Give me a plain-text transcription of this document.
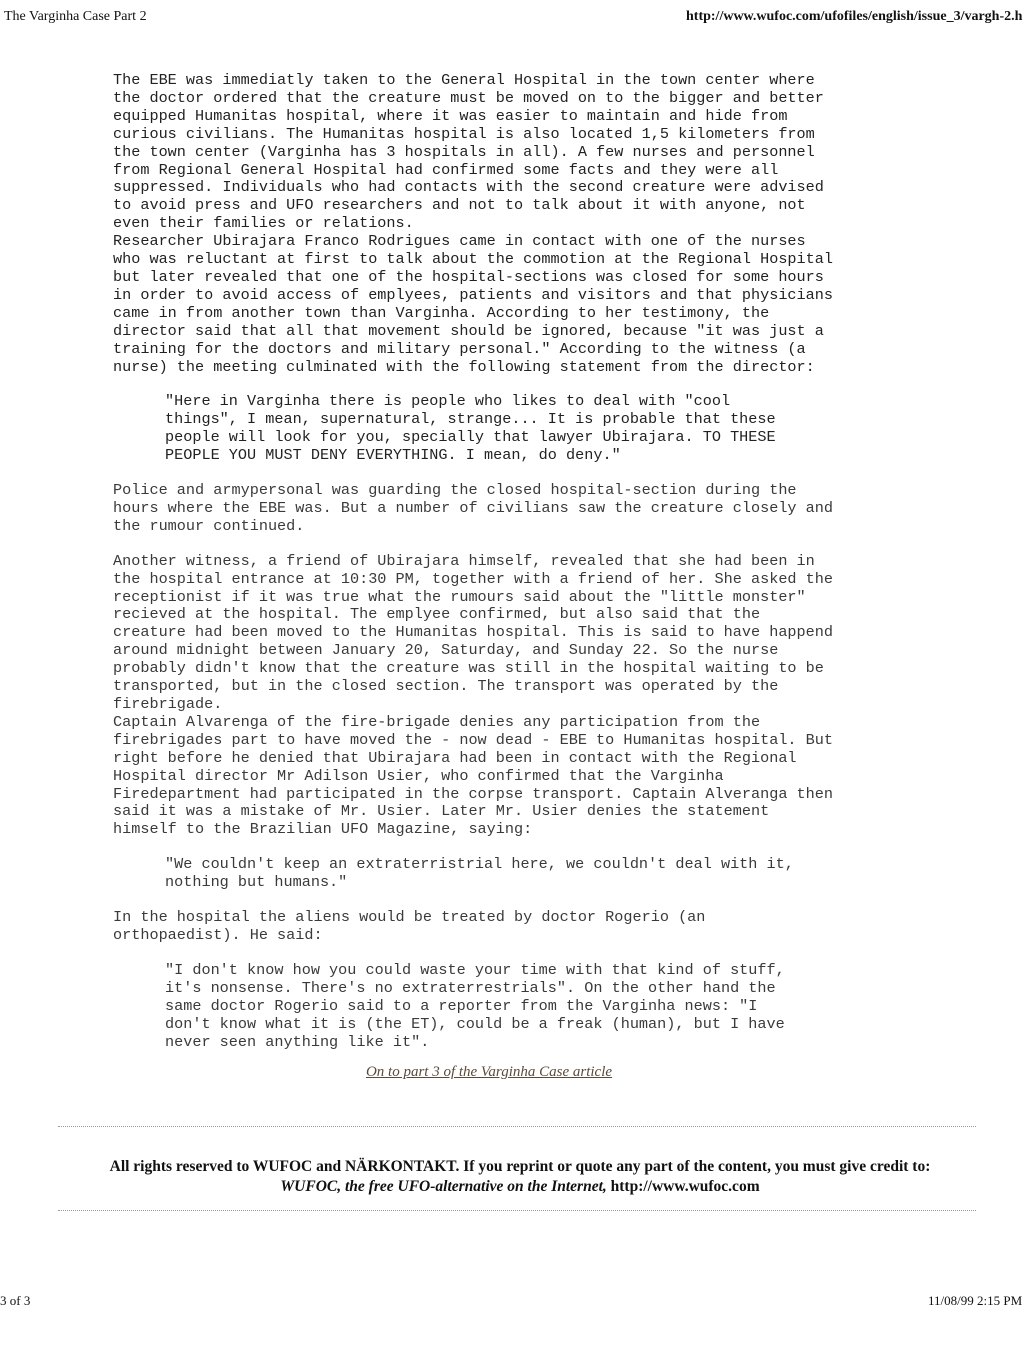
The Varginha Case Part 2	http://www.wufoc.com/ufofiles/english/issue_3/vargh-2.h

The EBE was immediatly taken to the General Hospital in the town center where
the doctor ordered that the creature must be moved on to the bigger and better
equipped Humanitas hospital, where it was easier to maintain and hide from
curious civilians. The Humanitas hospital is also located 1,5 kilometers from
the town center (Varginha has 3 hospitals in all). A few nurses and personnel
from Regional General Hospital had confirmed some facts and they were all
suppressed. Individuals who had contacts with the second creature were advised
to avoid press and UFO researchers and not to talk about it with anyone, not
even their families or relations.

Researcher Ubirajara Franco Rodrigues came in contact with one of the nurses
who was reluctant at first to talk about the commotion at the Regional Hospital
but later revealed that one of the hospital-sections was closed for some hours
in order to avoid access of emplyees, patients and visitors and that physicians
came in from another town than Varginha. According to her testimony, the
director said that all that movement should be ignored, because "it was just a
training for the doctors and military personal." According to the witness (a
nurse) the meeting culminated with the following statement from the director:

"Here in Varginha there is people who likes to deal with "cool
things", I mean, supernatural, strange... It is probable that these
people will look for you, specially that lawyer Ubirajara. TO THESE
PEOPLE YOU MUST DENY EVERYTHING. I mean, do deny."

Police and armypersonal was guarding the closed hospital-section during the
hours where the EBE was. But a number of civilians saw the creature closely and
the rumour continued.

Another witness, a friend of Ubirajara himself, revealed that she had been in
the hospital entrance at 10:30 PM, together with a friend of her. She asked the
receptionist if it was true what the rumours said about the "little monster"
recieved at the hospital. The emplyee confirmed, but also said that the
creature had been moved to the Humanitas hospital. This is said to have happend
around midnight between January 20, Saturday, and Sunday 22. So the nurse
probably didn't know that the creature was still in the hospital waiting to be
transported, but in the closed section. The transport was operated by the
firebrigade.

Captain Alvarenga of the fire-brigade denies any participation from the
firebrigades part to have moved the - now dead - EBE to Humanitas hospital. But
right before he denied that Ubirajara had been in contact with the Regional
Hospital director Mr Adilson Usier, who confirmed that the Varginha
Firedepartment had participated in the corpse transport. Captain Alveranga then
said it was a mistake of Mr. Usier. Later Mr. Usier denies the statement
himself to the Brazilian UFO Magazine, saying:

"We couldn't keep an extraterristrial here, we couldn't deal with it,
nothing but humans."

In the hospital the aliens would be treated by doctor Rogerio (an
orthopaedist). He said:

"I don't know how you could waste your time with that kind of stuff,
it's nonsense. There's no extraterrestrials". On the other hand the
same doctor Rogerio said to a reporter from the Varginha news: "I
don't know what it is (the ET), could be a freak (human), but I have
never seen anything like it".

On to part 3 of the Varginha Case article
All rights reserved to WUFOC and NÄRKONTAKT. If you reprint or quote any part of the content, you must give credit to:
WUFOC, the free UFO-alternative on the Internet, http://www.wufoc.com
3 of 3	11/08/99 2:15 PM
